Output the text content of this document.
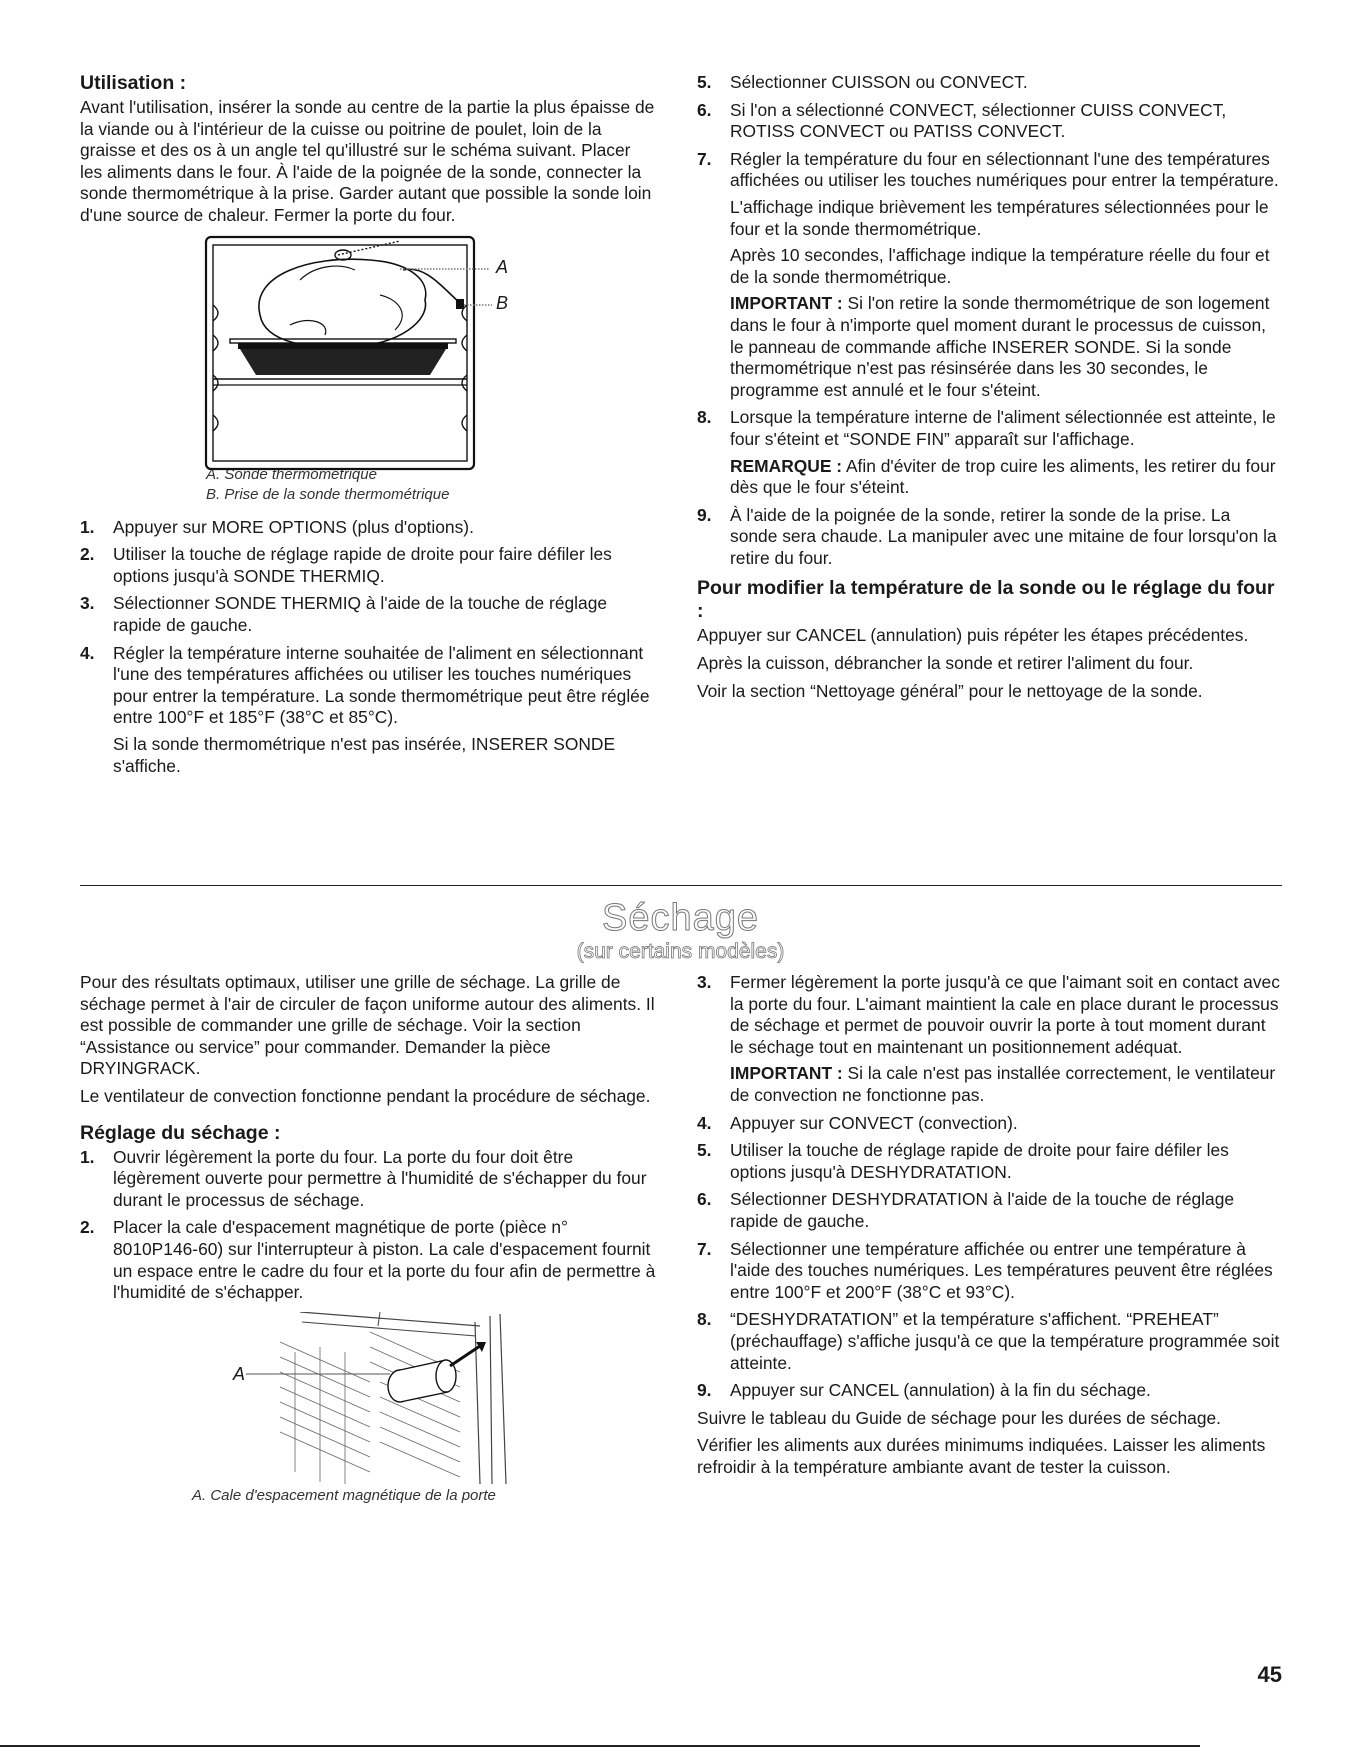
Utilisation :

Avant l'utilisation, insérer la sonde au centre de la partie la plus épaisse de la viande ou à l'intérieur de la cuisse ou poitrine de poulet, loin de la graisse et des os à un angle tel qu'illustré sur le schéma suivant. Placer les aliments dans le four. À l'aide de la poignée de la sonde, connecter la sonde thermométrique à la prise. Garder autant que possible la sonde loin d'une source de chaleur. Fermer la porte du four.

A
B
A. Sonde thermométrique
B. Prise de la sonde thermométrique
1. Appuyer sur MORE OPTIONS (plus d'options).
2. Utiliser la touche de réglage rapide de droite pour faire défiler les options jusqu'à SONDE THERMIQ.
3. Sélectionner SONDE THERMIQ à l'aide de la touche de réglage rapide de gauche.
4. Régler la température interne souhaitée de l'aliment en sélectionnant l'une des températures affichées ou utiliser les touches numériques pour entrer la température. La sonde thermométrique peut être réglée entre 100°F et 185°F (38°C et 85°C).

Si la sonde thermométrique n'est pas insérée, INSERER SONDE s'affiche.

5. Sélectionner CUISSON ou CONVECT.
6. Si l'on a sélectionné CONVECT, sélectionner CUISS CONVECT, ROTISS CONVECT ou PATISS CONVECT.
7. Régler la température du four en sélectionnant l'une des températures affichées ou utiliser les touches numériques pour entrer la température.

L'affichage indique brièvement les températures sélectionnées pour le four et la sonde thermométrique.

Après 10 secondes, l'affichage indique la température réelle du four et de la sonde thermométrique.

IMPORTANT : Si l'on retire la sonde thermométrique de son logement dans le four à n'importe quel moment durant le processus de cuisson, le panneau de commande affiche INSERER SONDE. Si la sonde thermométrique n'est pas résinsérée dans les 30 secondes, le programme est annulé et le four s'éteint.

8. Lorsque la température interne de l'aliment sélectionnée est atteinte, le four s'éteint et “SONDE FIN” apparaît sur l'affichage.

REMARQUE : Afin d'éviter de trop cuire les aliments, les retirer du four dès que le four s'éteint.

9. À l'aide de la poignée de la sonde, retirer la sonde de la prise. La sonde sera chaude. La manipuler avec une mitaine de four lorsqu'on la retire du four.
Pour modifier la température de la sonde ou le réglage du four :

Appuyer sur CANCEL (annulation) puis répéter les étapes précédentes.

Après la cuisson, débrancher la sonde et retirer l'aliment du four.

Voir la section “Nettoyage général” pour le nettoyage de la sonde.

Séchage
(sur certains modèles)

Pour des résultats optimaux, utiliser une grille de séchage. La grille de séchage permet à l'air de circuler de façon uniforme autour des aliments. Il est possible de commander une grille de séchage. Voir la section “Assistance ou service” pour commander. Demander la pièce DRYINGRACK.

Le ventilateur de convection fonctionne pendant la procédure de séchage.

Réglage du séchage :
1. Ouvrir légèrement la porte du four. La porte du four doit être légèrement ouverte pour permettre à l'humidité de s'échapper du four durant le processus de séchage.
2. Placer la cale d'espacement magnétique de porte (pièce n° 8010P146-60) sur l'interrupteur à piston. La cale d'espacement fournit un espace entre le cadre du four et la porte du four afin de permettre à l'humidité de s'échapper.
A
A. Cale d'espacement magnétique de la porte
3. Fermer légèrement la porte jusqu'à ce que l'aimant soit en contact avec la porte du four. L'aimant maintient la cale en place durant le processus de séchage et permet de pouvoir ouvrir la porte à tout moment durant le séchage tout en maintenant un positionnement adéquat.

IMPORTANT : Si la cale n'est pas installée correctement, le ventilateur de convection ne fonctionne pas.

4. Appuyer sur CONVECT (convection).
5. Utiliser la touche de réglage rapide de droite pour faire défiler les options jusqu'à DESHYDRATATION.
6. Sélectionner DESHYDRATATION à l'aide de la touche de réglage rapide de gauche.
7. Sélectionner une température affichée ou entrer une température à l'aide des touches numériques. Les températures peuvent être réglées entre 100°F et 200°F (38°C et 93°C).
8. “DESHYDRATATION” et la température s'affichent. “PREHEAT” (préchauffage) s'affiche jusqu'à ce que la température programmée soit atteinte.
9. Appuyer sur CANCEL (annulation) à la fin du séchage.

Suivre le tableau du Guide de séchage pour les durées de séchage.

Vérifier les aliments aux durées minimums indiquées. Laisser les aliments refroidir à la température ambiante avant de tester la cuisson.

45
